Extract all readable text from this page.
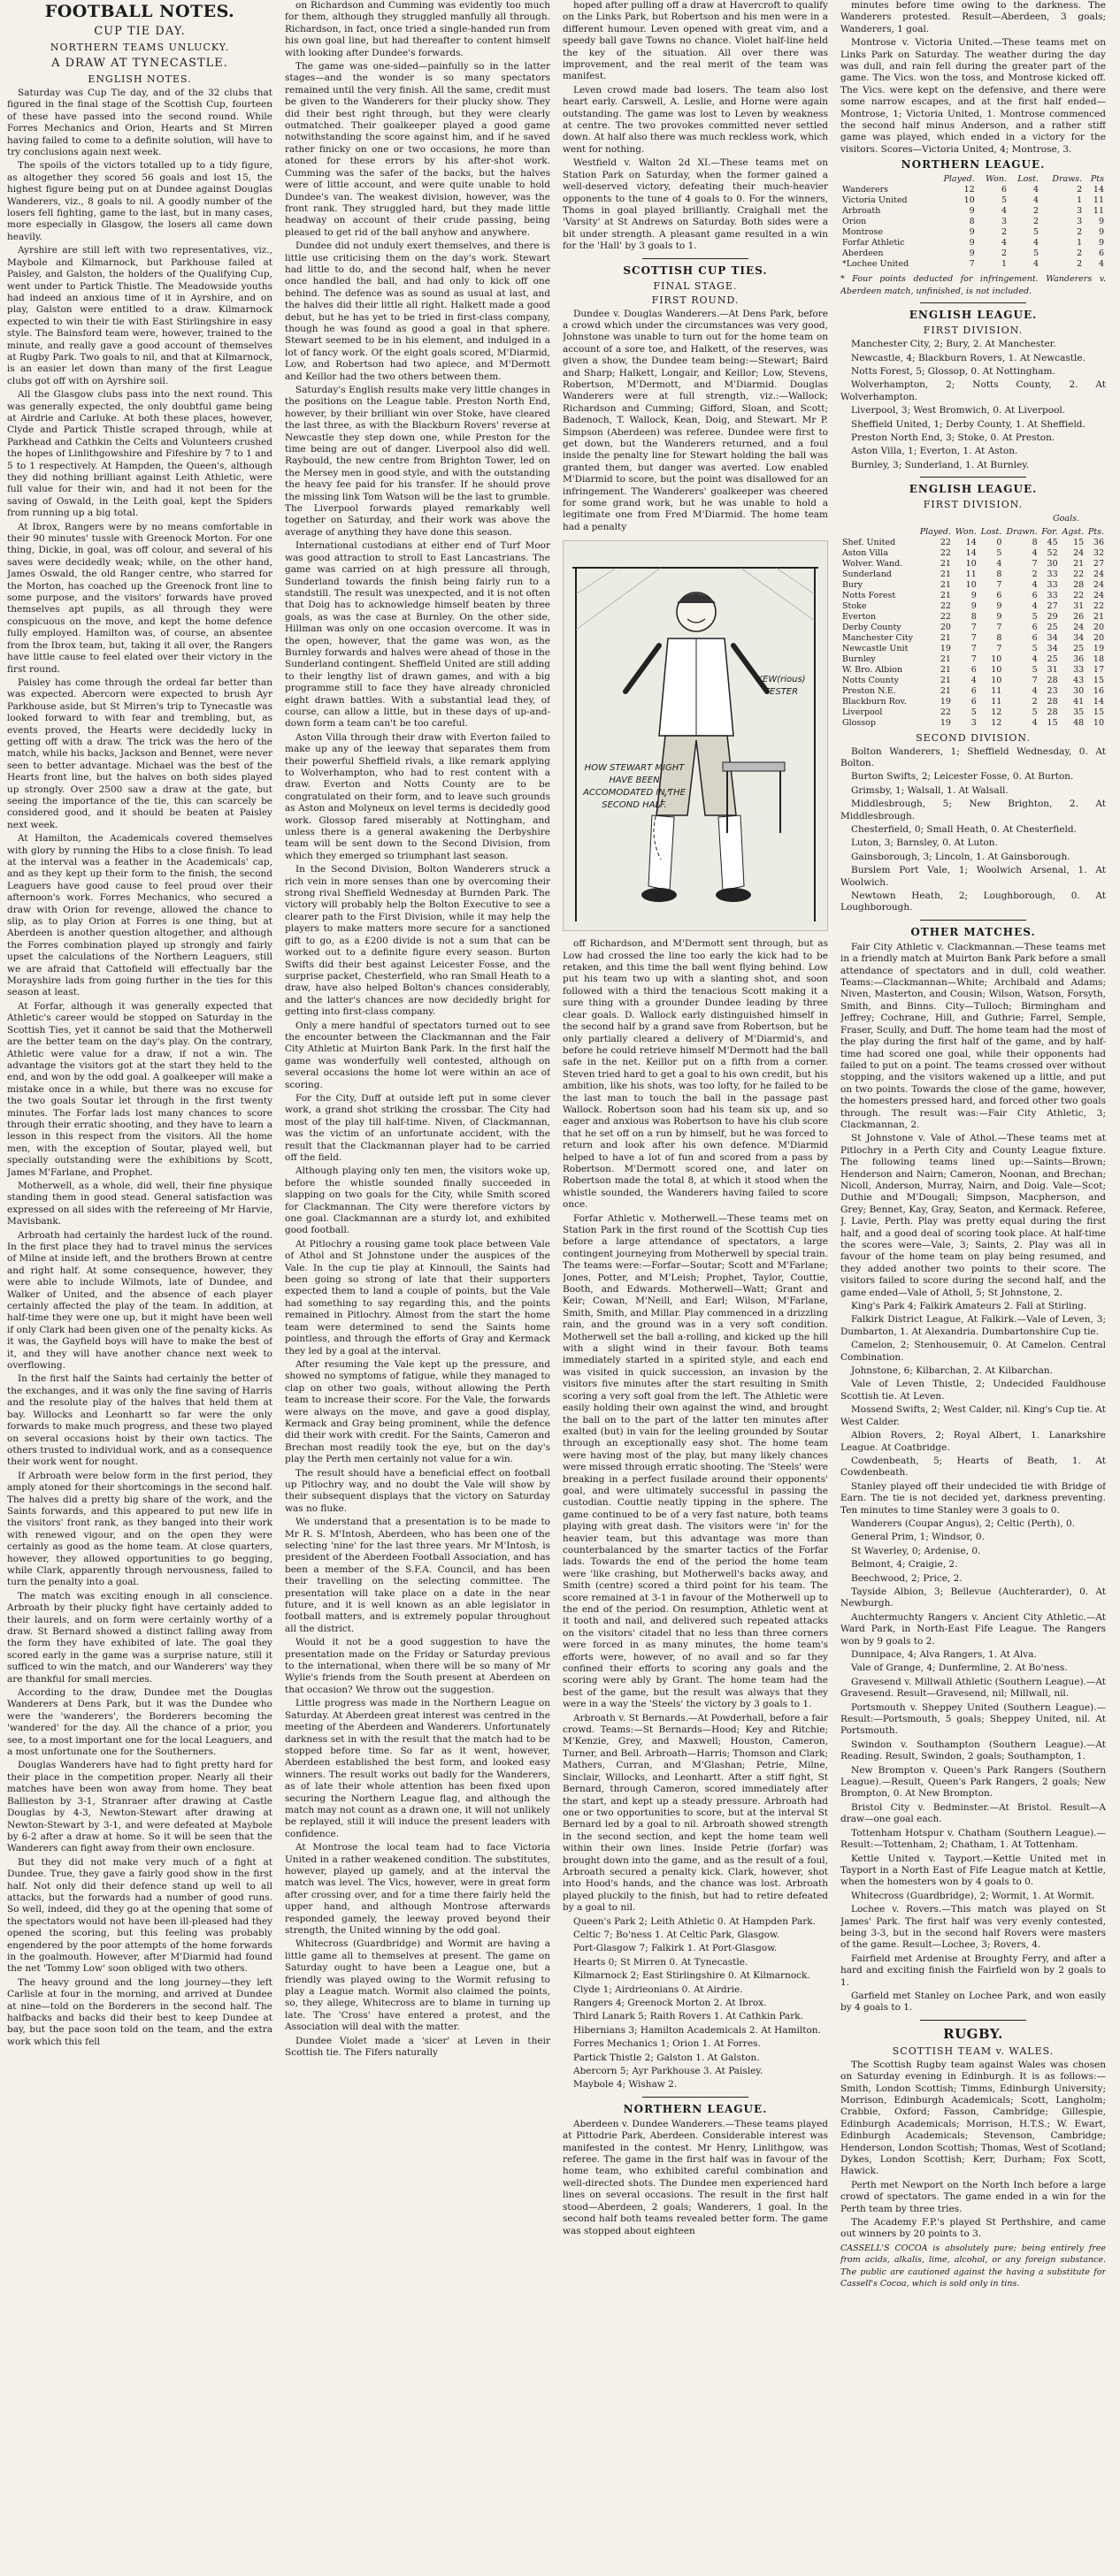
FOOTBALL NOTES.
CUP TIE DAY.
NORTHERN TEAMS UNLUCKY.
A DRAW AT TYNECASTLE.
ENGLISH NOTES.

Saturday was Cup Tie day, and of the 32 clubs that figured in the final stage of the Scottish Cup, fourteen of these have passed into the second round. While Forres Mechanics and Orion, Hearts and St Mirren having failed to come to a definite solution, will have to try conclusions again next week.

The spoils of the victors totalled up to a tidy figure, as altogether they scored 56 goals and lost 15, the highest figure being put on at Dundee against Douglas Wanderers, viz., 8 goals to nil. A goodly number of the losers fell fighting, game to the last, but in many cases, more especially in Glasgow, the losers all came down heavily.

Ayrshire are still left with two representatives, viz., Maybole and Kilmarnock, but Parkhouse failed at Paisley, and Galston, the holders of the Qualifying Cup, went under to Partick Thistle. The Meadowside youths had indeed an anxious time of it in Ayrshire, and on play, Galston were entitled to a draw. Kilmarnock expected to win their tie with East Stirlingshire in easy style. The Bainsford team were, however, trained to the minute, and really gave a good account of themselves at Rugby Park. Two goals to nil, and that at Kilmarnock, is an easier let down than many of the first League clubs got off with on Ayrshire soil.

All the Glasgow clubs pass into the next round. This was generally expected, the only doubtful game being at Airdrie and Carluke. At both these places, however, Clyde and Partick Thistle scraped through, while at Parkhead and Cathkin the Celts and Volunteers crushed the hopes of Linlithgowshire and Fifeshire by 7 to 1 and 5 to 1 respectively. At Hampden, the Queen's, although they did nothing brilliant against Leith Athletic, were full value for their win, and had it not been for the saving of Oswald, in the Leith goal, kept the Spiders from running up a big total.

At Ibrox, Rangers were by no means comfortable in their 90 minutes' tussle with Greenock Morton. For one thing, Dickie, in goal, was off colour, and several of his saves were decidedly weak; while, on the other hand, James Oswald, the old Ranger centre, who starred for the Morton, has coached up the Greenock front line to some purpose, and the visitors' forwards have proved themselves apt pupils, as all through they were conspicuous on the move, and kept the home defence fully employed. Hamilton was, of course, an absentee from the Ibrox team, but, taking it all over, the Rangers have little cause to feel elated over their victory in the first round.

Paisley has come through the ordeal far better than was expected. Abercorn were expected to brush Ayr Parkhouse aside, but St Mirren's trip to Tynecastle was looked forward to with fear and trembling, but, as events proved, the Hearts were decidedly lucky in getting off with a draw. The trick was the hero of the match, while his backs, Jackson and Bennet, were never seen to better advantage. Michael was the best of the Hearts front line, but the halves on both sides played up strongly. Over 2500 saw a draw at the gate, but seeing the importance of the tie, this can scarcely be considered good, and it should be beaten at Paisley next week.

At Hamilton, the Academicals covered themselves with glory by running the Hibs to a close finish. To lead at the interval was a feather in the Academicals' cap, and as they kept up their form to the finish, the second Leaguers have good cause to feel proud over their afternoon's work. Forres Mechanics, who secured a draw with Orion for revenge, allowed the chance to slip, as to play Orion at Forres is one thing, but at Aberdeen is another question altogether, and although the Forres combination played up strongly and fairly upset the calculations of the Northern Leaguers, still we are afraid that Cattofield will effectually bar the Morayshire lads from going further in the ties for this season at least.

At Forfar, although it was generally expected that Athletic's career would be stopped on Saturday in the Scottish Ties, yet it cannot be said that the Motherwell are the better team on the day's play. On the contrary, Athletic were value for a draw, if not a win. The advantage the visitors got at the start they held to the end, and won by the odd goal. A goalkeeper will make a mistake once in a while, but there was no excuse for the two goals Soutar let through in the first twenty minutes. The Forfar lads lost many chances to score through their erratic shooting, and they have to learn a lesson in this respect from the visitors. All the home men, with the exception of Soutar, played well, but specially outstanding were the exhibitions by Scott, James M'Farlane, and Prophet.

Motherwell, as a whole, did well, their fine physique standing them in good stead. General satisfaction was expressed on all sides with the refereeing of Mr Harvie, Mavisbank.

Arbroath had certainly the hardest luck of the round. In the first place they had to travel minus the services of Milne at inside left, and the brothers Brown at centre and right half. At some consequence, however, they were able to include Wilmots, late of Dundee, and Walker of United, and the absence of each player certainly affected the play of the team. In addition, at half-time they were one up, but it might have been well if only Clark had been given one of the penalty kicks. As it was, the Gayfield boys will have to make the best of it, and they will have another chance next week to overflowing.

In the first half the Saints had certainly the better of the exchanges, and it was only the fine saving of Harris and the resolute play of the halves that held them at bay. Willocks and Leonhartt so far were the only forwards to make much progress, and these two played on several occasions hoist by their own tactics. The others trusted to individual work, and as a consequence their work went for nought.

If Arbroath were below form in the first period, they amply atoned for their shortcomings in the second half. The halves did a pretty big share of the work, and the Saints forwards, and this appeared to put new life in the visitors' front rank, as they banged into their work with renewed vigour, and on the open they were certainly as good as the home team. At close quarters, however, they allowed opportunities to go begging, while Clark, apparently through nervousness, failed to turn the penalty into a goal.

The match was exciting enough in all conscience. Arbroath by their plucky fight have certainly added to their laurels, and on form were certainly worthy of a draw. St Bernard showed a distinct falling away from the form they have exhibited of late. The goal they scored early in the game was a surprise nature, still it sufficed to win the match, and our Wanderers' way they are thankful for small mercies.

According to the draw, Dundee met the Douglas Wanderers at Dens Park, but it was the Dundee who were the 'wanderers', the Borderers becoming the 'wandered' for the day. All the chance of a prior, you see, to a most important one for the local Leaguers, and a most unfortunate one for the Southerners.

Douglas Wanderers have had to fight pretty hard for their place in the competition proper. Nearly all their matches have been won away from home. They beat Ballieston by 3-1, Stranraer after drawing at Castle Douglas by 4-3, Newton-Stewart after drawing at Newton-Stewart by 3-1, and were defeated at Maybole by 6-2 after a draw at home. So it will be seen that the Wanderers can fight away from their own enclosure.

But they did not make very much of a fight at Dundee. True, they gave a fairly good show in the first half. Not only did their defence stand up well to all attacks, but the forwards had a number of good runs. So well, indeed, did they go at the opening that some of the spectators would not have been ill-pleased had they opened the scoring, but this feeling was probably engendered by the poor attempts of the home forwards in the goalmouth. However, after M'Diarmid had found the net 'Tommy Low' soon obliged with two others.

The heavy ground and the long journey—they left Carlisle at four in the morning, and arrived at Dundee at nine—told on the Borderers in the second half. The halfbacks and backs did their best to keep Dundee at bay, but the pace soon told on the team, and the extra work which this fell

on Richardson and Cumming was evidently too much for them, although they struggled manfully all through. Richardson, in fact, once tried a single-handed run from his own goal line, but had thereafter to content himself with looking after Dundee's forwards.

The game was one-sided—painfully so in the latter stages—and the wonder is so many spectators remained until the very finish. All the same, credit must be given to the Wanderers for their plucky show. They did their best right through, but they were clearly outmatched. Their goalkeeper played a good game notwithstanding the score against him, and if he saved rather finicky on one or two occasions, he more than atoned for these errors by his after-shot work. Cumming was the safer of the backs, but the halves were of little account, and were quite unable to hold Dundee's van. The weakest division, however, was the front rank. They struggled hard, but they made little headway on account of their crude passing, being pleased to get rid of the ball anyhow and anywhere.

Dundee did not unduly exert themselves, and there is little use criticising them on the day's work. Stewart had little to do, and the second half, when he never once handled the ball, and had only to kick off one behind. The defence was as sound as usual at last, and the halves did their little all right. Halkett made a good debut, but he has yet to be tried in first-class company, though he was found as good a goal in that sphere. Stewart seemed to be in his element, and indulged in a lot of fancy work. Of the eight goals scored, M'Diarmid, Low, and Robertson had two apiece, and M'Dermott and Keillor had the two others between them.

Saturday's English results make very little changes in the positions on the League table. Preston North End, however, by their brilliant win over Stoke, have cleared the last three, as with the Blackburn Rovers' reverse at Newcastle they step down one, while Preston for the time being are out of danger. Liverpool also did well. Raybould, the new centre from Brighton Tower, led on the Mersey men in good style, and with the outstanding the heavy fee paid for his transfer. If he should prove the missing link Tom Watson will be the last to grumble. The Liverpool forwards played remarkably well together on Saturday, and their work was above the average of anything they have done this season.

International custodians at either end of Turf Moor was good attraction to stroll to East Lancastrians. The game was carried on at high pressure all through, Sunderland towards the finish being fairly run to a standstill. The result was unexpected, and it is not often that Doig has to acknowledge himself beaten by three goals, as was the case at Burnley. On the other side, Hillman was only on one occasion overcome. It was in the open, however, that the game was won, as the Burnley forwards and halves were ahead of those in the Sunderland contingent. Sheffield United are still adding to their lengthy list of drawn games, and with a big programme still to face they have already chronicled eight drawn battles. With a substantial lead they, of course, can allow a little, but in these days of up-and-down form a team can't be too careful.

Aston Villa through their draw with Everton failed to make up any of the leeway that separates them from their powerful Sheffield rivals, a like remark applying to Wolverhampton, who had to rest content with a draw. Everton and Notts County are to be congratulated on their form, and to leave such grounds as Aston and Molyneux on level terms is decidedly good work. Glossop fared miserably at Nottingham, and unless there is a general awakening the Derbyshire team will be sent down to the Second Division, from which they emerged so triumphant last season.

In the Second Division, Bolton Wanderers struck a rich vein in more senses than one by overcoming their strong rival Sheffield Wednesday at Burnden Park. The victory will probably help the Bolton Executive to see a clearer path to the First Division, while it may help the players to make matters more secure for a sanctioned gift to go, as a £200 divide is not a sum that can be worked out to a definite figure every season. Burton Swifts did their best against Leicester Fosse, and the surprise packet, Chesterfield, who ran Small Heath to a draw, have also helped Bolton's chances considerably, and the latter's chances are now decidedly bright for getting into first-class company.

Only a mere handful of spectators turned out to see the encounter between the Clackmannan and the Fair City Athletic at Muirton Bank Park. In the first half the game was wonderfully well contested, although on several occasions the home lot were within an ace of scoring.

For the City, Duff at outside left put in some clever work, a grand shot striking the crossbar. The City had most of the play till half-time. Niven, of Clackmannan, was the victim of an unfortunate accident, with the result that the Clackmannan player had to be carried off the field.

Although playing only ten men, the visitors woke up, before the whistle sounded finally succeeded in slapping on two goals for the City, while Smith scored for Clackmannan. The City were therefore victors by one goal. Clackmannan are a sturdy lot, and exhibited good football.

At Pitlochry a rousing game took place between Vale of Athol and St Johnstone under the auspices of the Vale. In the cup tie play at Kinnoull, the Saints had been going so strong of late that their supporters expected them to land a couple of points, but the Vale had something to say regarding this, and the points remained in Pitlochry. Almost from the start the home team were determined to send the Saints home pointless, and through the efforts of Gray and Kermack they led by a goal at the interval.

After resuming the Vale kept up the pressure, and showed no symptoms of fatigue, while they managed to clap on other two goals, without allowing the Perth team to increase their score. For the Vale, the forwards were always on the move, and gave a good display, Kermack and Gray being prominent, while the defence did their work with credit. For the Saints, Cameron and Brechan most readily took the eye, but on the day's play the Perth men certainly not value for a win.

The result should have a beneficial effect on football up Pitlochry way, and no doubt the Vale will show by their subsequent displays that the victory on Saturday was no fluke.

We understand that a presentation is to be made to Mr R. S. M'Intosh, Aberdeen, who has been one of the selecting 'nine' for the last three years. Mr M'Intosh, is president of the Aberdeen Football Association, and has been a member of the S.F.A. Council, and has been their travelling on the selecting committee. The presentation will take place on a date in the near future, and it is well known as an able legislator in football matters, and is extremely popular throughout all the district.

Would it not be a good suggestion to have the presentation made on the Friday or Saturday previous to the international, when there will be so many of Mr Wylie's friends from the South present at Aberdeen on that occasion? We throw out the suggestion.

Little progress was made in the Northern League on Saturday. At Aberdeen great interest was centred in the meeting of the Aberdeen and Wanderers. Unfortunately darkness set in with the result that the match had to be stopped before time. So far as it went, however, Aberdeen established the best form, and looked easy winners. The result works out badly for the Wanderers, as of late their whole attention has been fixed upon securing the Northern League flag, and although the match may not count as a drawn one, it will not unlikely be replayed, still it will induce the present leaders with confidence.

At Montrose the local team had to face Victoria United in a rather weakened condition. The substitutes, however, played up gamely, and at the interval the match was level. The Vics, however, were in great form after crossing over, and for a time there fairly held the upper hand, and although Montrose afterwards responded gamely, the leeway proved beyond their strength, the United winning by the odd goal.

Whitecross (Guardbridge) and Wormit are having a little game all to themselves at present. The game on Saturday ought to have been a League one, but a friendly was played owing to the Wormit refusing to play a League match. Wormit also claimed the points, so, they allege, Whitecross are to blame in turning up late. The 'Cross' have entered a protest, and the Association will deal with the matter.

Dundee Violet made a 'sicer' at Leven in their Scottish tie. The Fifers naturally

hoped after pulling off a draw at Havercroft to qualify on the Links Park, but Robertson and his men were in a different humour. Leven opened with great vim, and a speedy ball gave Towns no chance. Violet half-line held the key of the situation. All over there was improvement, and the real merit of the team was manifest.

Leven crowd made bad losers. The team also lost heart early. Carswell, A. Leslie, and Horne were again outstanding. The game was lost to Leven by weakness at centre. The two provokes committed never settled down. At half also there was much reckless work, which went for nothing.

Westfield v. Walton 2d XI.—These teams met on Station Park on Saturday, when the former gained a well-deserved victory, defeating their much-heavier opponents to the tune of 4 goals to 0. For the winners, Thoms in goal played brilliantly. Craighall met the 'Varsity' at St Andrews on Saturday. Both sides were a bit under strength. A pleasant game resulted in a win for the 'Hall' by 3 goals to 1.

SCOTTISH CUP TIES.
FINAL STAGE.
FIRST ROUND.

Dundee v. Douglas Wanderers.—At Dens Park, before a crowd which under the circumstances was very good, Johnstone was unable to turn out for the home team on account of a sore toe, and Halkett, of the reserves, was given a show, the Dundee team being:—Stewart; Baird and Sharp; Halkett, Longair, and Keillor; Low, Stevens, Robertson, M'Dermott, and M'Diarmid. Douglas Wanderers were at full strength, viz.:—Wallock; Richardson and Cumming; Gifford, Sloan, and Scott; Badenoch, T. Wallock, Kean, Doig, and Stewart. Mr P. Simpson (Aberdeen) was referee. Dundee were first to get down, but the Wanderers returned, and a foul inside the penalty line for Stewart holding the ball was granted them, but danger was averted. Low enabled M'Diarmid to score, but the point was disallowed for an infringement. The Wanderers' goalkeeper was cheered for some grand work, but he was unable to hold a legitimate one from Fred M'Diarmid. The home team had a penalty

KEW(rious) TESTER
HOW STEWART MIGHT HAVE BEEN ACCOMODATED IN THE SECOND HALF.

off Richardson, and M'Dermott sent through, but as Low had crossed the line too early the kick had to be retaken, and this time the ball went flying behind. Low put his team two up with a slanting shot, and soon followed with a third the tenacious Scott making it a sure thing with a grounder Dundee leading by three clear goals. D. Wallock early distinguished himself in the second half by a grand save from Robertson, but he only partially cleared a delivery of M'Diarmid's, and before he could retrieve himself M'Dermott had the ball safe in the net. Keillor put on a fifth from a corner. Steven tried hard to get a goal to his own credit, but his ambition, like his shots, was too lofty, for he failed to be the last man to touch the ball in the passage past Wallock. Robertson soon had his team six up, and so eager and anxious was Robertson to have his club score that he set off on a run by himself, but he was forced to return and look after his own defence. M'Diarmid helped to have a lot of fun and scored from a pass by Robertson. M'Dermott scored one, and later on Robertson made the total 8, at which it stood when the whistle sounded, the Wanderers having failed to score once.

Forfar Athletic v. Motherwell.—These teams met on Station Park in the first round of the Scottish Cup ties before a large attendance of spectators, a large contingent journeying from Motherwell by special train. The teams were:—Forfar—Soutar; Scott and M'Farlane; Jones, Potter, and M'Leish; Prophet, Taylor, Couttie, Booth, and Edwards. Motherwell—Watt; Grant and Keir; Cowan, M'Neill, and Earl; Wilson, M'Farlane, Smith, Smith, and Millar. Play commenced in a drizzling rain, and the ground was in a very soft condition. Motherwell set the ball a-rolling, and kicked up the hill with a slight wind in their favour. Both teams immediately started in a spirited style, and each end was visited in quick succession, an invasion by the visitors five minutes after the start resulting in Smith scoring a very soft goal from the left. The Athletic were easily holding their own against the wind, and brought the ball on to the part of the latter ten minutes after exalted (but) in vain for the leeling grounded by Soutar through an exceptionally easy shot. The home team were having most of the play, but many likely chances were missed through erratic shooting. The 'Steels' were breaking in a perfect fusilade around their opponents' goal, and were ultimately successful in passing the custodian. Couttie neatly tipping in the sphere. The game continued to be of a very fast nature, both teams playing with great dash. The visitors were 'in' for the heavier team, but this advantage was more than counterbalanced by the smarter tactics of the Forfar lads. Towards the end of the period the home team were 'like crashing, but Motherwell's backs away, and Smith (centre) scored a third point for his team. The score remained at 3-1 in favour of the Motherwell up to the end of the period. On resumption, Athletic went at it tooth and nail, and delivered such repeated attacks on the visitors' citadel that no less than three corners were forced in as many minutes, the home team's efforts were, however, of no avail and so far they confined their efforts to scoring any goals and the scoring were ably by Grant. The home team had the best of the game, but the result was always that they were in a way the 'Steels' the victory by 3 goals to 1.

Arbroath v. St Bernards.—At Powderhall, before a fair crowd. Teams:—St Bernards—Hood; Key and Ritchie; M'Kenzie, Grey, and Maxwell; Houston, Cameron, Turner, and Bell. Arbroath—Harris; Thomson and Clark; Mathers, Curran, and M'Glashan; Petrie, Milne, Sinclair, Willocks, and Leonhartt. After a stiff fight, St Bernard, through Cameron, scored immediately after the start, and kept up a steady pressure. Arbroath had one or two opportunities to score, but at the interval St Bernard led by a goal to nil. Arbroath showed strength in the second section, and kept the home team well within their own lines. Inside Petrie (forfar) was brought down into the game, and as the result of a foul, Arbroath secured a penalty kick. Clark, however, shot into Hood's hands, and the chance was lost. Arbroath played pluckily to the finish, but had to retire defeated by a goal to nil.

Queen's Park 2; Leith Athletic 0. At Hampden Park.

Celtic 7; Bo'ness 1. At Celtic Park, Glasgow.

Port-Glasgow 7; Falkirk 1. At Port-Glasgow.

Hearts 0; St Mirren 0. At Tynecastle.

Kilmarnock 2; East Stirlingshire 0. At Kilmarnock.

Clyde 1; Airdrieonians 0. At Airdrie.

Rangers 4; Greenock Morton 2. At Ibrox.

Third Lanark 5; Raith Rovers 1. At Cathkin Park.

Hibernians 3; Hamilton Academicals 2. At Hamilton.

Forres Mechanics 1; Orion 1. At Forres.

Partick Thistle 2; Galston 1. At Galston.

Abercorn 5; Ayr Parkhouse 3. At Paisley.

Maybole 4; Wishaw 2.

NORTHERN LEAGUE.

Aberdeen v. Dundee Wanderers.—These teams played at Pittodrie Park, Aberdeen. Considerable interest was manifested in the contest. Mr Henry, Linlithgow, was referee. The game in the first half was in favour of the home team, who exhibited careful combination and well-directed shots. The Dundee men experienced hard lines on several occasions. The result in the first half stood—Aberdeen, 2 goals; Wanderers, 1 goal. In the second half both teams revealed better form. The game was stopped about eighteen

minutes before time owing to the darkness. The Wanderers protested. Result—Aberdeen, 3 goals; Wanderers, 1 goal.

Montrose v. Victoria United.—These teams met on Links Park on Saturday. The weather during the day was dull, and rain fell during the greater part of the game. The Vics. won the toss, and Montrose kicked off. The Vics. were kept on the defensive, and there were some narrow escapes, and at the first half ended—Montrose, 1; Victoria United, 1. Montrose commenced the second half minus Anderson, and a rather stiff game was played, which ended in a victory for the visitors. Scores—Victoria United, 4; Montrose, 3.

NORTHERN LEAGUE.
	Played.	Won.	Lost.	Draws.	Pts
Wanderers	12	6	4	2	14
Victoria United	10	5	4	1	11
Arbroath	9	4	2	3	11
Orion	8	3	2	3	9
Montrose	9	2	5	2	9
Forfar Athletic	9	4	4	1	9
Aberdeen	9	2	5	2	6
*Lochee United	7	1	4	2	4

* Four points deducted for infringement. Wanderers v. Aberdeen match, unfinished, is not included.

ENGLISH LEAGUE.
FIRST DIVISION.

Manchester City, 2; Bury, 2. At Manchester.

Newcastle, 4; Blackburn Rovers, 1. At Newcastle.

Notts Forest, 5; Glossop, 0. At Nottingham.

Wolverhampton, 2; Notts County, 2. At Wolverhampton.

Liverpool, 3; West Bromwich, 0. At Liverpool.

Sheffield United, 1; Derby County, 1. At Sheffield.

Preston North End, 3; Stoke, 0. At Preston.

Aston Villa, 1; Everton, 1. At Aston.

Burnley, 3; Sunderland, 1. At Burnley.

ENGLISH LEAGUE.
FIRST DIVISION.
Goals.
	Played.	Won.	Lost.	Drawn.	For.	Agst.	Pts.
Shef. United	22	14	0	8	45	15	36
Aston Villa	22	14	5	4	52	24	32
Wolver. Wand.	21	10	4	7	30	21	27
Sunderland	21	11	8	2	33	22	24
Bury	21	10	7	4	33	28	24
Notts Forest	21	9	6	6	33	22	24
Stoke	22	9	9	4	27	31	22
Everton	22	8	9	5	29	26	21
Derby County	20	7	7	6	25	24	20
Manchester City	21	7	8	6	34	34	20
Newcastle Unit	19	7	7	5	34	25	19
Burnley	21	7	10	4	25	36	18
W. Bro. Albion	21	6	10	5	31	33	17
Notts County	21	4	10	7	28	43	15
Preston N.E.	21	6	11	4	23	30	16
Blackburn Rov.	19	6	11	2	28	41	14
Liverpool	22	5	12	5	28	35	15
Glossop	19	3	12	4	15	48	10
SECOND DIVISION.

Bolton Wanderers, 1; Sheffield Wednesday, 0. At Bolton.

Burton Swifts, 2; Leicester Fosse, 0. At Burton.

Grimsby, 1; Walsall, 1. At Walsall.

Middlesbrough, 5; New Brighton, 2. At Middlesbrough.

Chesterfield, 0; Small Heath, 0. At Chesterfield.

Luton, 3; Barnsley, 0. At Luton.

Gainsborough, 3; Lincoln, 1. At Gainsborough.

Burslem Port Vale, 1; Woolwich Arsenal, 1. At Woolwich.

Newtown Heath, 2; Loughborough, 0. At Loughborough.

OTHER MATCHES.

Fair City Athletic v. Clackmannan.—These teams met in a friendly match at Muirton Bank Park before a small attendance of spectators and in dull, cold weather. Teams:—Clackmannan—White; Archibald and Adams; Niven, Masterton, and Cousin; Wilson, Watson, Forsyth, Smith, and Binns. City—Tulloch; Birmingham and Jeffrey; Cochrane, Hill, and Guthrie; Farrel, Semple, Fraser, Scully, and Duff. The home team had the most of the play during the first half of the game, and by half-time had scored one goal, while their opponents had failed to put on a point. The teams crossed over without stopping, and the visitors wakened up a little, and put on two points. Towards the close of the game, however, the homesters pressed hard, and forced other two goals through. The result was:—Fair City Athletic, 3; Clackmannan, 2.

St Johnstone v. Vale of Athol.—These teams met at Pitlochry in a Perth City and County League fixture. The following teams lined up:—Saints—Brown; Henderson and Nairn; Cameron, Noonan, and Brechan; Nicoll, Anderson, Murray, Nairn, and Doig. Vale—Scot; Duthie and M'Dougall; Simpson, Macpherson, and Grey; Bennet, Kay, Gray, Seaton, and Kermack. Referee, J. Lavie, Perth. Play was pretty equal during the first half, and a good deal of scoring took place. At half-time the scores were—Vale, 3; Saints, 2. Play was all in favour of the home team on play being resumed, and they added another two points to their score. The visitors failed to score during the second half, and the game ended—Vale of Atholl, 5; St Johnstone, 2.

King's Park 4; Falkirk Amateurs 2. Fall at Stirling.

Falkirk District League, At Falkirk.—Vale of Leven, 3; Dumbarton, 1. At Alexandria. Dumbartonshire Cup tie.

Camelon, 2; Stenhousemuir, 0. At Camelon. Central Combination.

Johnstone, 6; Kilbarchan, 2. At Kilbarchan.

Vale of Leven Thistle, 2; Undecided Fauldhouse Scottish tie. At Leven.

Mossend Swifts, 2; West Calder, nil. King's Cup tie. At West Calder.

Albion Rovers, 2; Royal Albert, 1. Lanarkshire League. At Coatbridge.

Cowdenbeath, 5; Hearts of Beath, 1. At Cowdenbeath.

Stanley played off their undecided tie with Bridge of Earn. The tie is not decided yet, darkness preventing. Ten minutes to time Stanley were 3 goals to 0.

Wanderers (Coupar Angus), 2; Celtic (Perth), 0.

General Prim, 1; Windsor, 0.

St Waverley, 0; Ardenise, 0.

Belmont, 4; Craigie, 2.

Beechwood, 2; Price, 2.

Tayside Albion, 3; Bellevue (Auchterarder), 0. At Newburgh.

Auchtermuchty Rangers v. Ancient City Athletic.—At Ward Park, in North-East Fife League. The Rangers won by 9 goals to 2.

Dunnipace, 4; Alva Rangers, 1. At Alva.

Vale of Grange, 4; Dunfermline, 2. At Bo'ness.

Gravesend v. Millwall Athletic (Southern League).—At Gravesend. Result—Gravesend, nil; Millwall, nil.

Portsmouth v. Sheppey United (Southern League).—Result:—Portsmouth, 5 goals; Sheppey United, nil. At Portsmouth.

Swindon v. Southampton (Southern League).—At Reading. Result, Swindon, 2 goals; Southampton, 1.

New Brompton v. Queen's Park Rangers (Southern League).—Result, Queen's Park Rangers, 2 goals; New Brompton, 0. At New Brompton.

Bristol City v. Bedminster.—At Bristol. Result—A draw—one goal each.

Tottenham Hotspur v. Chatham (Southern League).—Result:—Tottenham, 2; Chatham, 1. At Tottenham.

Kettle United v. Tayport.—Kettle United met in Tayport in a North East of Fife League match at Kettle, when the homesters won by 4 goals to 0.

Whitecross (Guardbridge), 2; Wormit, 1. At Wormit.

Lochee v. Rovers.—This match was played on St James' Park. The first half was very evenly contested, being 3-3, but in the second half Rovers were masters of the game. Result—Lochee, 3; Rovers, 4.

Fairfield met Ardenise at Broughty Ferry, and after a hard and exciting finish the Fairfield won by 2 goals to 1.

Garfield met Stanley on Lochee Park, and won easily by 4 goals to 1.

RUGBY.
SCOTTISH TEAM v. WALES.

The Scottish Rugby team against Wales was chosen on Saturday evening in Edinburgh. It is as follows:—Smith, London Scottish; Timms, Edinburgh University; Morrison, Edinburgh Academicals; Scott, Langholm; Crabbie, Oxford; Fasson, Cambridge; Gillespie, Edinburgh Academicals; Morrison, H.T.S.; W. Ewart, Edinburgh Academicals; Stevenson, Cambridge; Henderson, London Scottish; Thomas, West of Scotland; Dykes, London Scottish; Kerr, Durham; Fox Scott, Hawick.

Perth met Newport on the North Inch before a large crowd of spectators. The game ended in a win for the Perth team by three tries.

The Academy F.P.'s played St Perthshire, and came out winners by 20 points to 3.

CASSELL'S COCOA is absolutely pure; being entirely free from acids, alkalis, lime, alcohol, or any foreign substance. The public are cautioned against the having a substitute for Cassell's Cocoa, which is sold only in tins.
